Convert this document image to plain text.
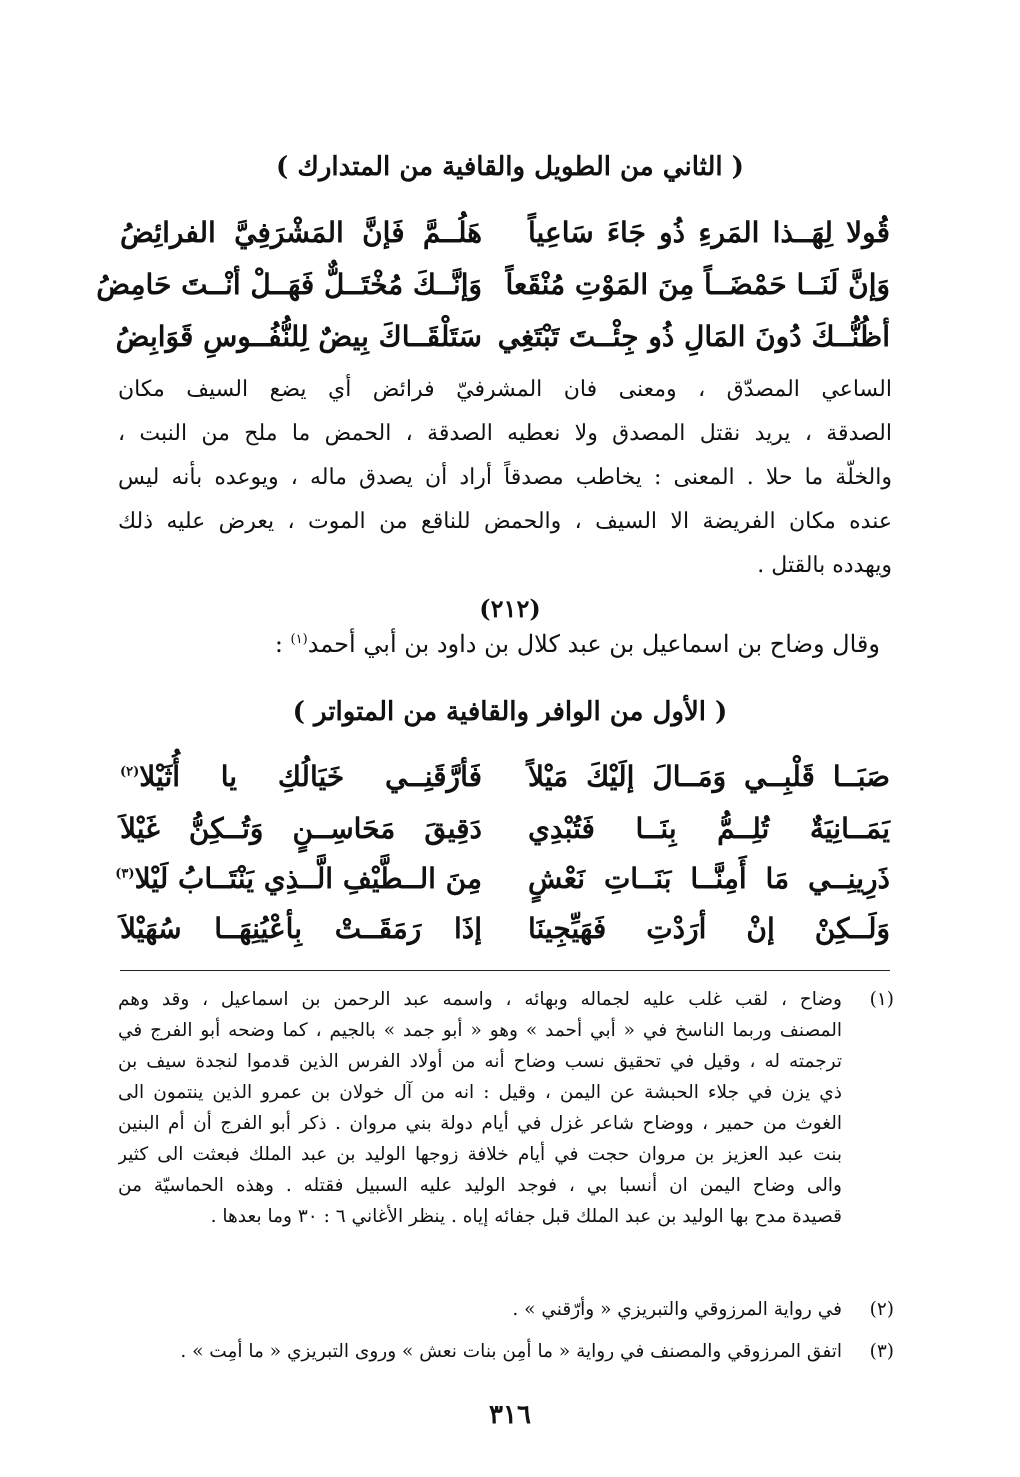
( الثاني من الطويل والقافية من المتدارك )
قُولا لِهَــذا المَرءِ ذُو جَاءَ سَاعِياً
هَلُــمَّ فَإنَّ المَشْرَفِيَّ الفرائِضُ
وَإنَّ لَنَــا حَمْضَــاً مِنَ المَوْتِ مُنْقَعاً
وَإنَّــكَ مُخْتَــلٌّ فَهَــلْ أنْــتَ حَامِضُ
أظُنُّــكَ دُونَ المَالِ ذُو جِئْــتَ تَبْتَغِي
سَتَلْقَــاكَ بِيضٌ لِلنُّفُــوسِ قَوَابِضُ
الساعي المصدّق ، ومعنى فان المشرفيّ فرائض أي يضع السيف مكان
الصدقة ، يريد نقتل المصدق ولا نعطيه الصدقة ، الحمض ما ملح من النبت ،
والخلّة ما حلا . المعنى : يخاطب مصدقاً أراد أن يصدق ماله ، ويوعده بأنه ليس
عنده مكان الفريضة الا السيف ، والحمض للناقع من الموت ، يعرض عليه ذلك
ويهدده بالقتل .
(٢١٢)
وقال وضاح بن اسماعيل بن عبد كلال بن داود بن أبي أحمد$^{(١)}$ :
( الأول من الوافر والقافية من المتواتر )
صَبَــا قَلْبِــي وَمَــالَ إلَيْكَ مَيْلاً
فَأرَّقَنِــي خَيَالُكِ يا أُثَيْلا$^{(٢)}$
يَمَــانِيَةٌ تُلِــمُّ بِنَــا فَتُبْدِي
دَقِيقَ مَحَاسِــنٍ وَتُــكِنُّ غَيْلاَ
ذَرِينِــي مَا أَمِنَّــا بَنَــاتِ نَعْشٍ
مِنَ الــطَّيْفِ الَّــذِي يَنْتَــابُ لَيْلا$^{(٣)}$
وَلَــكِنْ إنْ أرَدْتِ فَهَيِّجِينَا
إذَا رَمَقَــتْ بِأعْيُنِهَــا سُهَيْلاَ
(١)
وضاح ، لقب غلب عليه لجماله وبهائه ، واسمه عبد الرحمن بن اسماعيل ، وقد وهم
المصنف وربما الناسخ في « أبي أحمد » وهو « أبو جمد » بالجيم ، كما وضحه أبو الفرج في
ترجمته له ، وقيل في تحقيق نسب وضاح أنه من أولاد الفرس الذين قدموا لنجدة سيف بن
ذي يزن في جلاء الحبشة عن اليمن ، وقيل : انه من آل خولان بن عمرو الذين ينتمون الى
الغوث من حمير ، ووضاح شاعر غزل في أيام دولة بني مروان . ذكر أبو الفرج أن أم البنين
بنت عبد العزيز بن مروان حجت في أيام خلافة زوجها الوليد بن عبد الملك فبعثت الى كثير
والى وضاح اليمن ان أنسبا بي ، فوجد الوليد عليه السبيل فقتله . وهذه الحماسيّة من
قصيدة مدح بها الوليد بن عبد الملك قبل جفائه إياه . ينظر الأغاني ٦ : ٣٠ وما بعدها .
(٢)
في رواية المرزوقي والتبريزي « وأرّقني » .
(٣)
اتفق المرزوقي والمصنف في رواية « ما أمِن بنات نعش » وروى التبريزي « ما أمِت » .
٣١٦
